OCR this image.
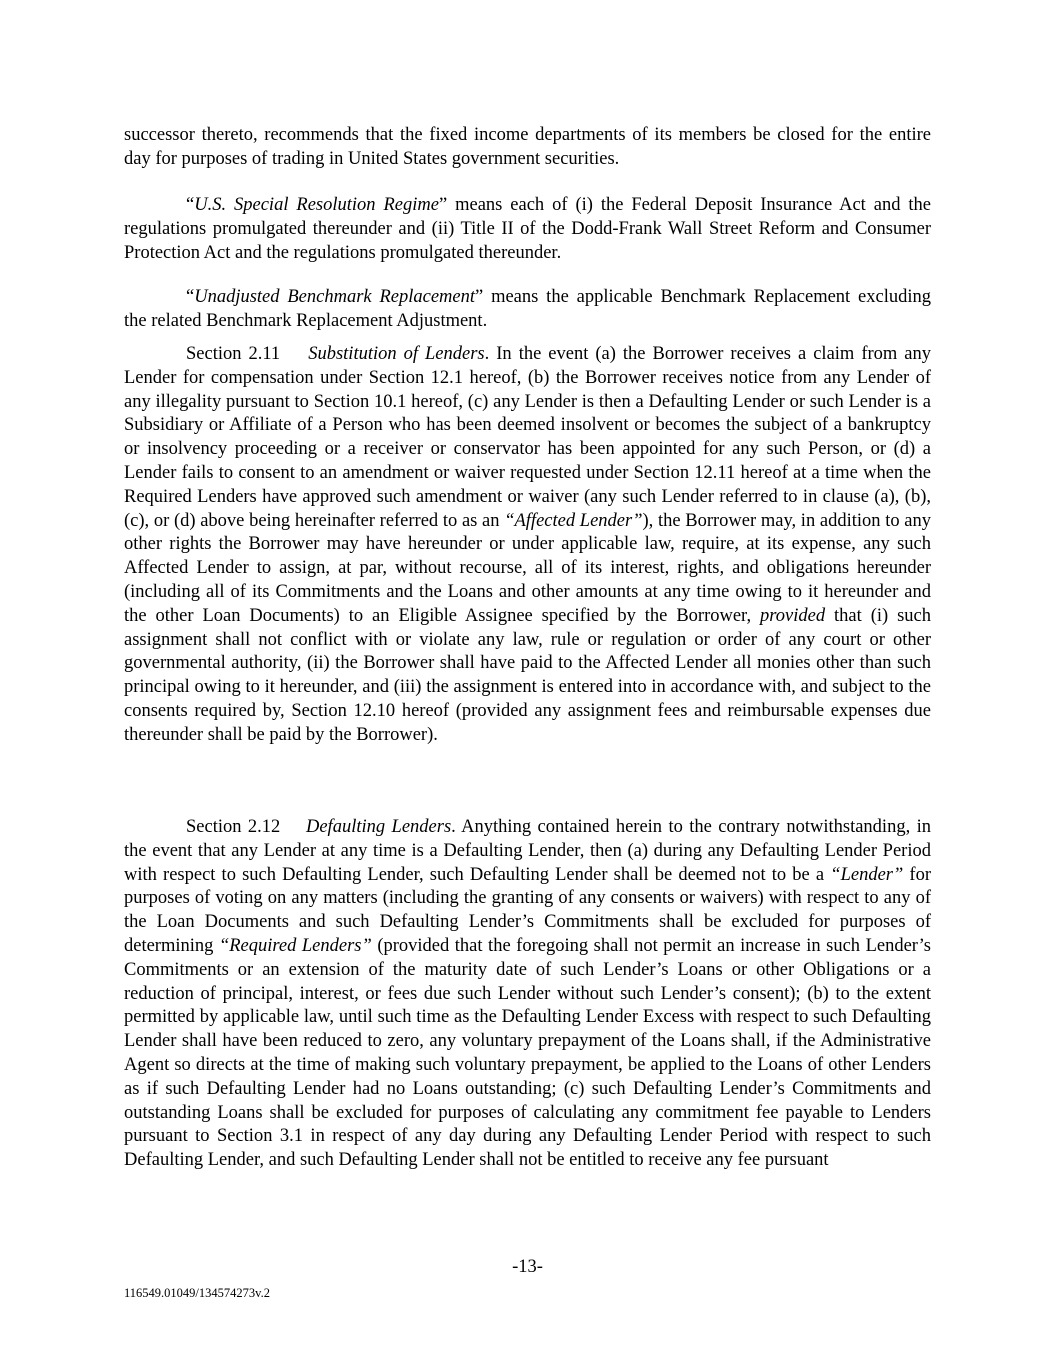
successor thereto, recommends that the fixed income departments of its members be closed for the entire day for purposes of trading in United States government securities.

“U.S. Special Resolution Regime” means each of (i) the Federal Deposit Insurance Act and the regulations promulgated thereunder and (ii) Title II of the Dodd-Frank Wall Street Reform and Consumer Protection Act and the regulations promulgated thereunder.

“Unadjusted Benchmark Replacement” means the applicable Benchmark Replacement excluding the related Benchmark Replacement Adjustment.

Section 2.11 Substitution of Lenders. In the event (a) the Borrower receives a claim from any Lender for compensation under Section 12.1 hereof, (b) the Borrower receives notice from any Lender of any illegality pursuant to Section 10.1 hereof, (c) any Lender is then a Defaulting Lender or such Lender is a Subsidiary or Affiliate of a Person who has been deemed insolvent or becomes the subject of a bankruptcy or insolvency proceeding or a receiver or conservator has been appointed for any such Person, or (d) a Lender fails to consent to an amendment or waiver requested under Section 12.11 hereof at a time when the Required Lenders have approved such amendment or waiver (any such Lender referred to in clause (a), (b), (c), or (d) above being hereinafter referred to as an “Affected Lender”), the Borrower may, in addition to any other rights the Borrower may have hereunder or under applicable law, require, at its expense, any such Affected Lender to assign, at par, without recourse, all of its interest, rights, and obligations hereunder (including all of its Commitments and the Loans and other amounts at any time owing to it hereunder and the other Loan Documents) to an Eligible Assignee specified by the Borrower, provided that (i) such assignment shall not conflict with or violate any law, rule or regulation or order of any court or other governmental authority, (ii) the Borrower shall have paid to the Affected Lender all monies other than such principal owing to it hereunder, and (iii) the assignment is entered into in accordance with, and subject to the consents required by, Section 12.10 hereof (provided any assignment fees and reimbursable expenses due thereunder shall be paid by the Borrower).

Section 2.12 Defaulting Lenders. Anything contained herein to the contrary notwithstanding, in the event that any Lender at any time is a Defaulting Lender, then (a) during any Defaulting Lender Period with respect to such Defaulting Lender, such Defaulting Lender shall be deemed not to be a “Lender” for purposes of voting on any matters (including the granting of any consents or waivers) with respect to any of the Loan Documents and such Defaulting Lender’s Commitments shall be excluded for purposes of determining “Required Lenders” (provided that the foregoing shall not permit an increase in such Lender’s Commitments or an extension of the maturity date of such Lender’s Loans or other Obligations or a reduction of principal, interest, or fees due such Lender without such Lender’s consent); (b) to the extent permitted by applicable law, until such time as the Defaulting Lender Excess with respect to such Defaulting Lender shall have been reduced to zero, any voluntary prepayment of the Loans shall, if the Administrative Agent so directs at the time of making such voluntary prepayment, be applied to the Loans of other Lenders as if such Defaulting Lender had no Loans outstanding; (c) such Defaulting Lender’s Commitments and outstanding Loans shall be excluded for purposes of calculating any commitment fee payable to Lenders pursuant to Section 3.1 in respect of any day during any Defaulting Lender Period with respect to such Defaulting Lender, and such Defaulting Lender shall not be entitled to receive any fee pursuant

-13-
116549.01049/134574273v.2
